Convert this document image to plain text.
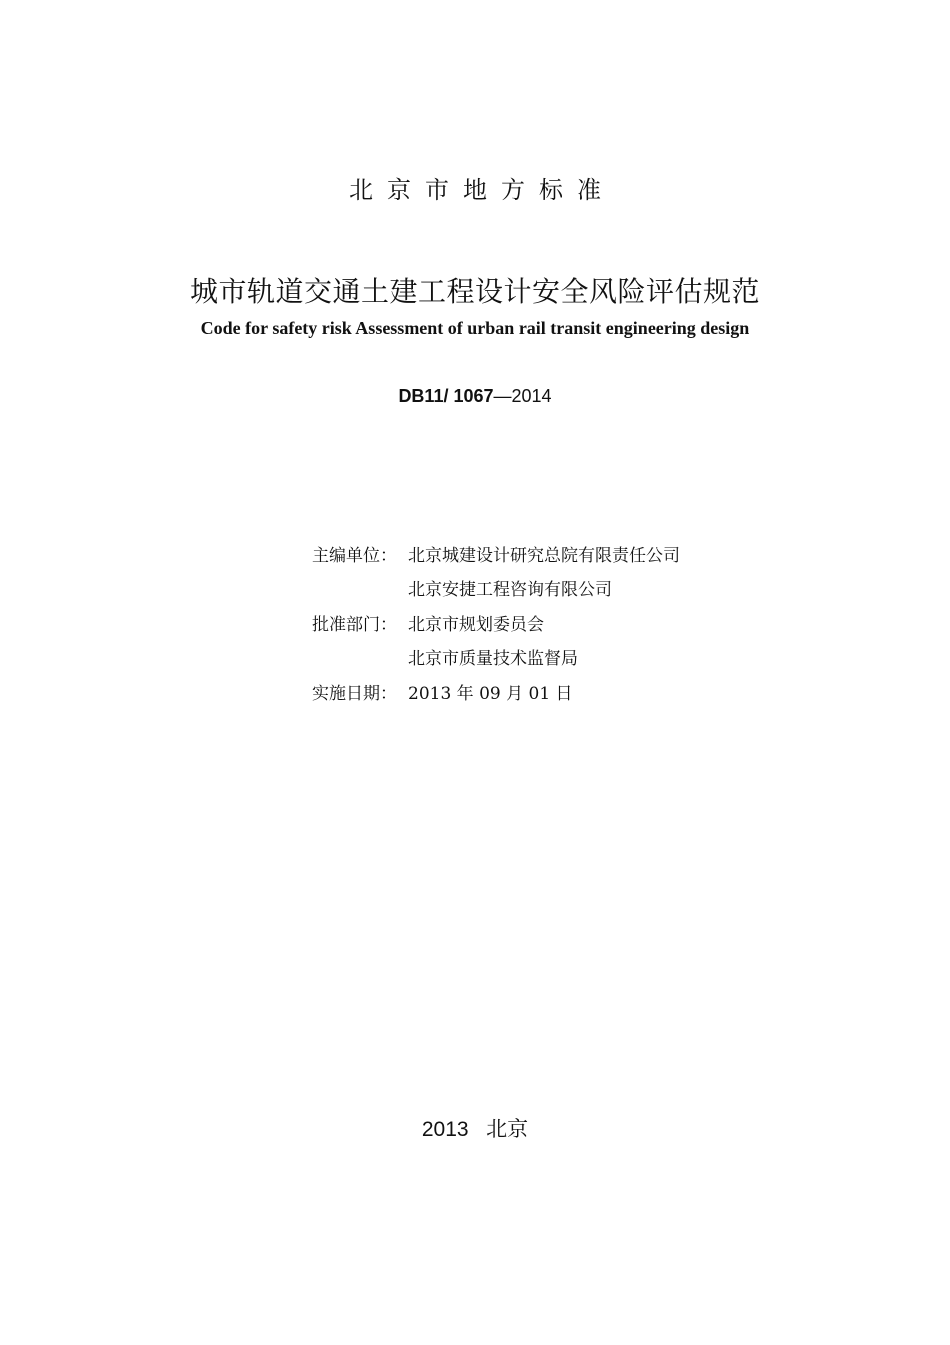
北京市地方标准
城市轨道交通土建工程设计安全风险评估规范
Code for safety risk Assessment of urban rail transit engineering design
DB11/ 1067—2014
主编单位： 北京城建设计研究总院有限责任公司
北京安捷工程咨询有限公司
批准部门： 北京市规划委员会
北京市质量技术监督局
实施日期： 2013 年 09 月 01 日
2013 北京
